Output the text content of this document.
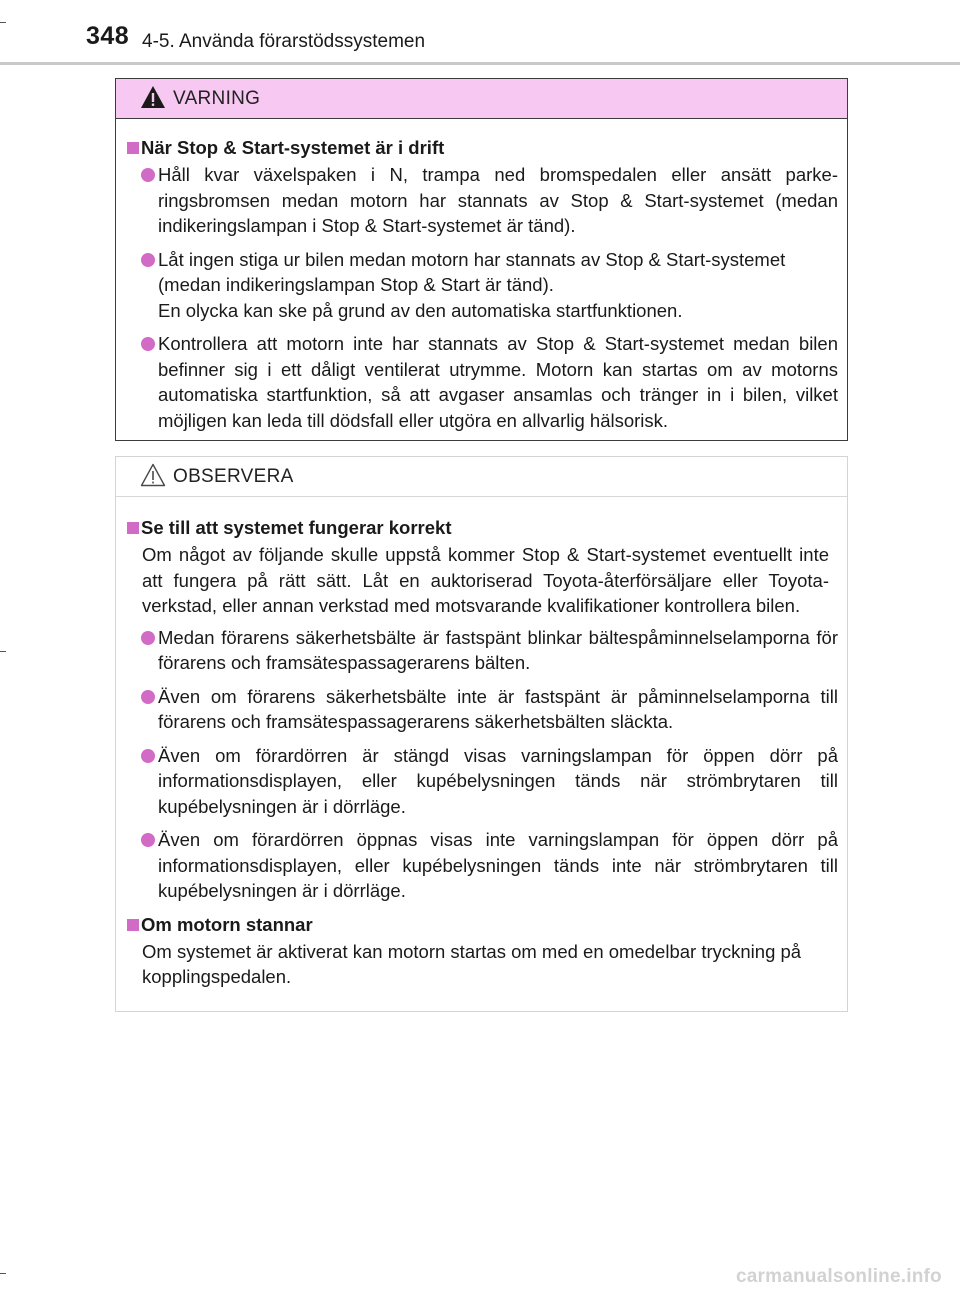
348 4-5. Använda förarstödssystemen
VARNING
När Stop & Start-systemet är i drift
Håll kvar växelspaken i N, trampa ned bromspedalen eller ansätt parkeringsbromsen medan motorn har stannats av Stop & Start-systemet (medan indikeringslampan i Stop & Start-systemet är tänd).
Låt ingen stiga ur bilen medan motorn har stannats av Stop & Start-systemet (medan indikeringslampan Stop & Start är tänd).
En olycka kan ske på grund av den automatiska startfunktionen.
Kontrollera att motorn inte har stannats av Stop & Start-systemet medan bilen befinner sig i ett dåligt ventilerat utrymme. Motorn kan startas om av motorns automatiska startfunktion, så att avgaser ansamlas och tränger in i bilen, vilket möjligen kan leda till dödsfall eller utgöra en allvarlig hälsorisk.
OBSERVERA
Se till att systemet fungerar korrekt
Om något av följande skulle uppstå kommer Stop & Start-systemet eventuellt inte att fungera på rätt sätt. Låt en auktoriserad Toyota-återförsäljare eller Toyota-verkstad, eller annan verkstad med motsvarande kvalifikationer kontrollera bilen.
Medan förarens säkerhetsbälte är fastspänt blinkar bältespåminnelselamporna för förarens och framsätespassagerarens bälten.
Även om förarens säkerhetsbälte inte är fastspänt är påminnelselamporna till förarens och framsätespassagerarens säkerhetsbälten släckta.
Även om förardörren är stängd visas varningslampan för öppen dörr på informationsdisplayen, eller kupébelysningen tänds när strömbrytaren till kupébelysningen är i dörrläge.
Även om förardörren öppnas visas inte varningslampan för öppen dörr på informationsdisplayen, eller kupébelysningen tänds inte när strömbrytaren till kupébelysningen är i dörrläge.
Om motorn stannar
Om systemet är aktiverat kan motorn startas om med en omedelbar tryckning på kopplingspedalen.
carmanualsonline.info
